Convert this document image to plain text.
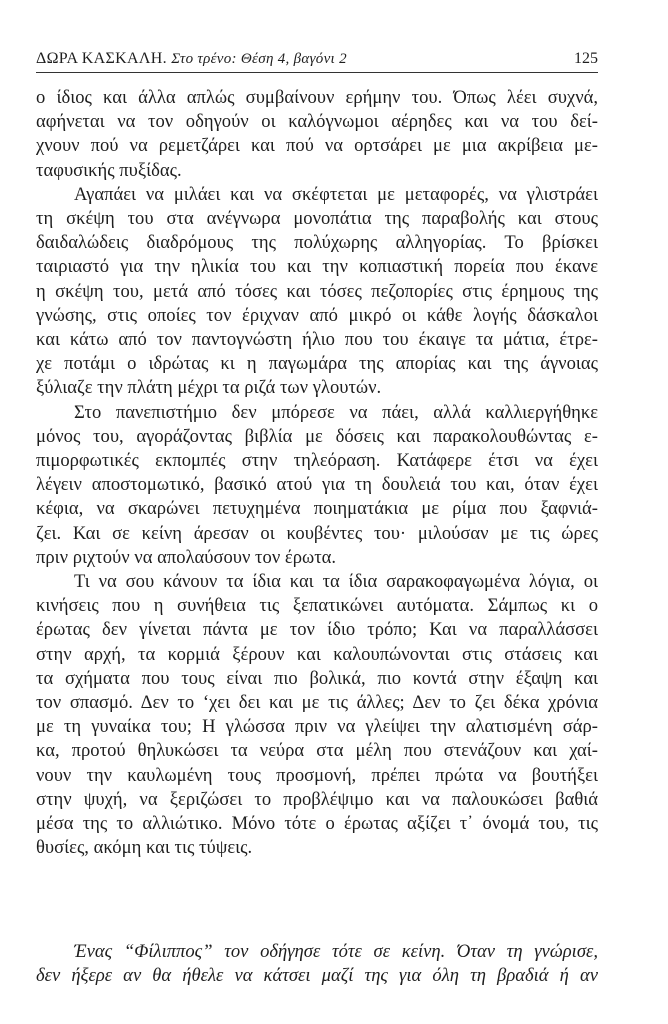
ΔΩΡΑ ΚΑΣΚΑΛΗ. Στο τρένο: Θέση 4, βαγόνι 2	125

ο ίδιος και άλλα απλώς συμβαίνουν ερήμην του. Όπως λέει συχνά,
αφήνεται να τον οδηγούν οι καλόγνωμοι αέρηδες και να του δεί-
χνουν πού να ρεμετζάρει και πού να ορτσάρει με μια ακρίβεια με-
ταφυσικής πυξίδας.

Αγαπάει να μιλάει και να σκέφτεται με μεταφορές, να γλιστράει
τη σκέψη του στα ανέγνωρα μονοπάτια της παραβολής και στους
δαιδαλώδεις διαδρόμους της πολύχωρης αλληγορίας. Το βρίσκει
ταιριαστό για την ηλικία του και την κοπιαστική πορεία που έκανε
η σκέψη του, μετά από τόσες και τόσες πεζοπορίες στις έρημους της
γνώσης, στις οποίες τον έριχναν από μικρό οι κάθε λογής δάσκαλοι
και κάτω από τον παντογνώστη ήλιο που του έκαιγε τα μάτια, έτρε-
χε ποτάμι ο ιδρώτας κι η παγωμάρα της απορίας και της άγνοιας
ξύλιαζε την πλάτη μέχρι τα ριζά των γλουτών.

Στο πανεπιστήμιο δεν μπόρεσε να πάει, αλλά καλλιεργήθηκε
μόνος του, αγοράζοντας βιβλία με δόσεις και παρακολουθώντας ε-
πιμορφωτικές εκπομπές στην τηλεόραση. Κατάφερε έτσι να έχει
λέγειν αποστομωτικό, βασικό ατού για τη δουλειά του και, όταν έχει
κέφια, να σκαρώνει πετυχημένα ποιηματάκια με ρίμα που ξαφνιά-
ζει. Και σε κείνη άρεσαν οι κουβέντες του· μιλούσαν με τις ώρες
πριν ριχτούν να απολαύσουν τον έρωτα.

Τι να σου κάνουν τα ίδια και τα ίδια σαρακοφαγωμένα λόγια, οι
κινήσεις που η συνήθεια τις ξεπατικώνει αυτόματα. Σάμπως κι ο
έρωτας δεν γίνεται πάντα με τον ίδιο τρόπο; Και να παραλλάσσει
στην αρχή, τα κορμιά ξέρουν και καλουπώνονται στις στάσεις και
τα σχήματα που τους είναι πιο βολικά, πιο κοντά στην έξαψη και
τον σπασμό. Δεν το ‘χει δει και με τις άλλες; Δεν το ζει δέκα χρόνια
με τη γυναίκα του; Η γλώσσα πριν να γλείψει την αλατισμένη σάρ-
κα, προτού θηλυκώσει τα νεύρα στα μέλη που στενάζουν και χαί-
νουν την καυλωμένη τους προσμονή, πρέπει πρώτα να βουτήξει
στην ψυχή, να ξεριζώσει το προβλέψιμο και να παλουκώσει βαθιά
μέσα της το αλλιώτικο. Μόνο τότε ο έρωτας αξίζει τ᾽ όνομά του, τις
θυσίες, ακόμη και τις τύψεις.

Ένας “Φίλιππος” τον οδήγησε τότε σε κείνη. Όταν τη γνώρισε,
δεν ήξερε αν θα ήθελε να κάτσει μαζί της για όλη τη βραδιά ή αν
